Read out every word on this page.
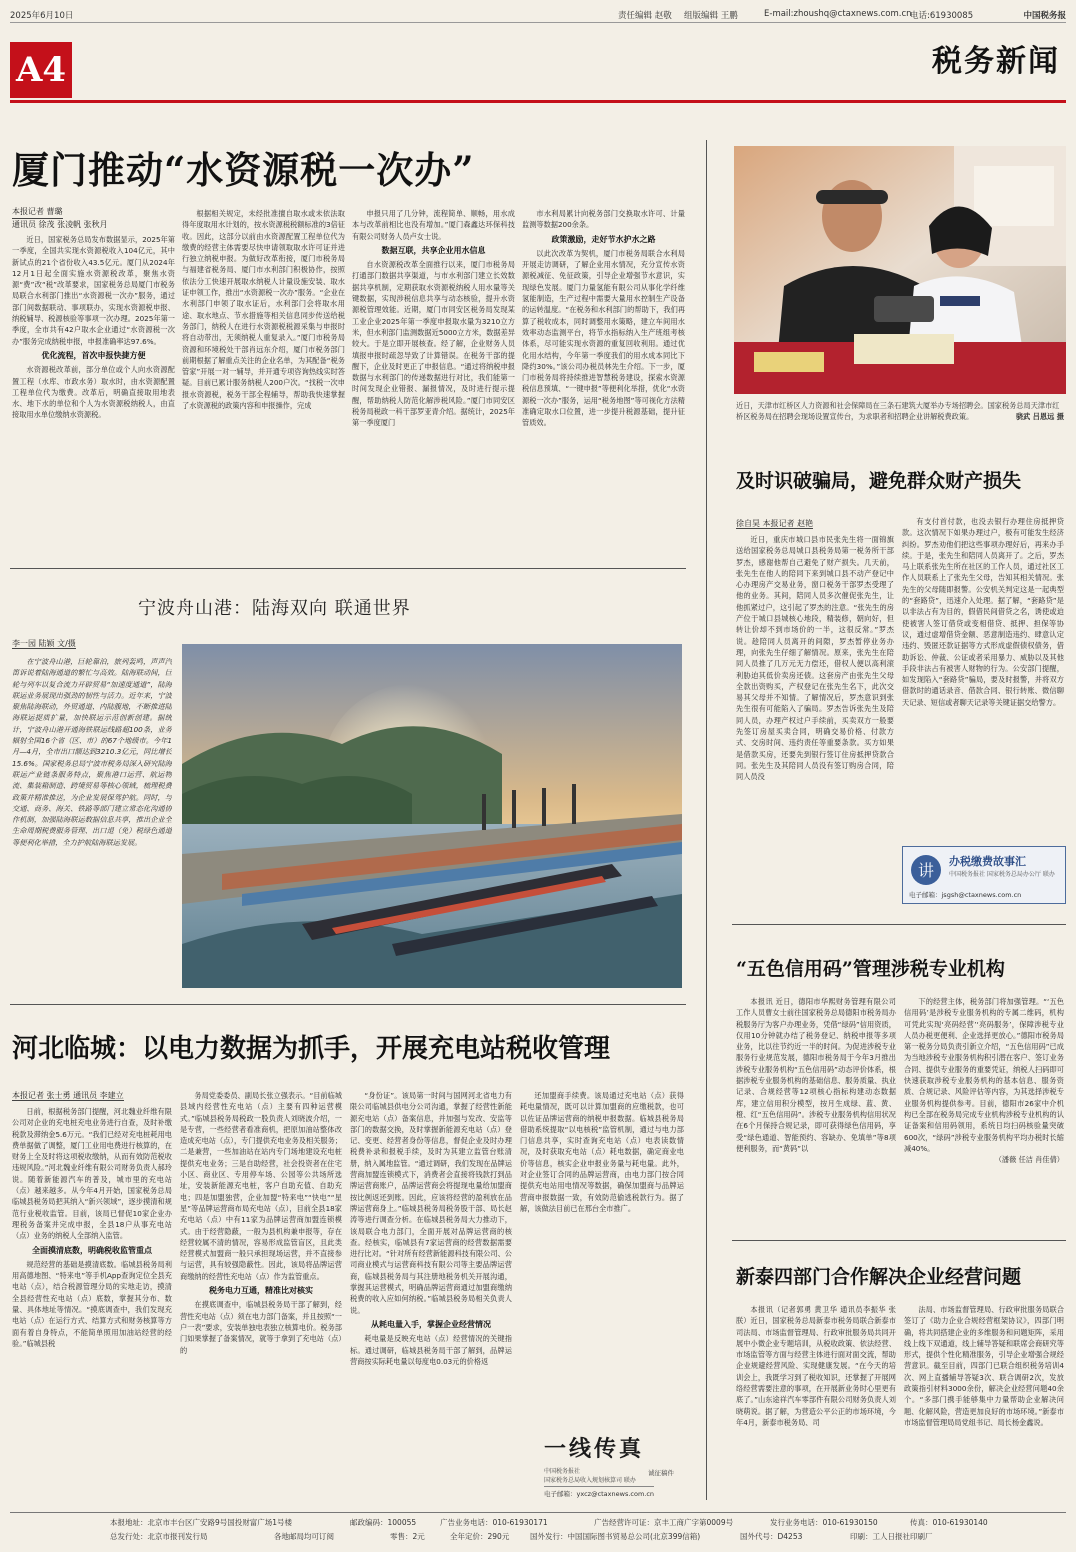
2025年6月10日	责任编辑 赵敬 组版编辑 王鹏	E-mail:zhoushq@ctaxnews.com.cn
电话:61930085	中国税务报
A4	税务新闻
厦门推动“水资源税一次办”
本报记者 曹璐
通讯员 徐茂 张凌帆 张秋月

近日，国家税务总局发布数据显示，2025年第一季度，全国共实现水资源税收入104亿元，其中新试点的21个省份收入43.5亿元。厦门从2024年12月1日起全面实施水资源税改革，聚焦水资源“费”改“税”改革要求，国家税务总局厦门市税务局联合水利部门推出“水资源税一次办”服务，通过部门间数据联动、事项联办，实现水资源税申报、纳税辅导、税源核验等事项一次办理。2025年第一季度，全市共有42户取水企业通过“水资源税一次办”服务完成纳税申报，申报准确率达97.6%。

优化流程，首次申报快捷方便

水资源税改革前，部分单位或个人向水资源配置工程（水库、市政水务）取水时，由水资源配置工程单位代为缴费。改革后，明确直接取用地表水、地下水的单位和个人为水资源税纳税人，由直接取用水单位缴纳水资源税。

根据相关规定，未经批准擅自取水或未依法取得年度取用水计划的，按水资源税税额标准的3倍征收。因此，这部分以前由水资源配置工程单位代为缴费的经营主体需要尽快申请领取取水许可证并进行独立纳税申报。为做好改革衔接，厦门市税务局与福建省税务局、厦门市水利部门积极协作，按照依法分工快速开展取水纳税人计量设施安装、取水证申领工作，推出“水资源税一次办”服务。“企业在水利部门申领了取水证后，水利部门会将取水用途、取水地点、节水措施等相关信息同步传送给税务部门，纳税人在进行水资源税税源采集与申报时将自动带出，无须纳税人重复录入。”厦门市税务局资源和环境税处干部肖远东介绍，厦门市税务部门前期根据了解重点关注的企业名单，为其配备“税务管家”开展一对一辅导，并开通专项咨询热线实时答疑。目前已累计服务纳税人200户次。“找税一次申报水资源税，税务干部全程辅导，帮助我快速掌握了水资源税的政策内容和申报操作，完成

申报只用了几分钟，流程简单、顺畅，用水成本与改革前相比也没有增加。”厦门森鑫达环保科技有限公司财务人员卢女士说。

数据互联，共享企业用水信息

自水资源税改革全面推行以来，厦门市税务局打通部门数据共享渠道，与市水利部门建立长效数据共享机制，定期获取水资源税纳税人用水量等关键数据，实现涉税信息共享与动态核验，提升水资源税管理效能。近期，厦门市同安区税务局发现某工业企业2025年第一季度申报取水量为3210立方米，但水利部门监测数据近5000立方米，数据差异较大。于是立即开展核查。经了解，企业财务人员填报申报时疏忽导致了计算错误。在税务干部的提醒下，企业及时更正了申报信息。“通过将纳税申报数据与水利部门的传递数据进行对比，我们能第一时间发现企业错报、漏报情况，及时进行提示提醒，帮助纳税人防范化解涉税风险。”厦门市同安区税务局税政一科干部罗亚青介绍。据统计，2025年第一季度厦门

市水利局累计向税务部门交换取水许可、计量监测等数据200余条。

政策激励，走好节水护水之路

以此次改革为契机，厦门市税务局联合水利局开展走访调研，了解企业用水情况，充分宣传水资源税减征、免征政策，引导企业增强节水意识，实现绿色发展。厦门力量氢能有限公司从事化学纤维氢能制造，生产过程中需要大量用水控制生产设备的运转温度。“在税务和水利部门的帮助下，我们再算了税收成本，同时调整用水策略，建立车间用水效率动态监测平台，将节水指标纳入生产班组考核体系，尽可能实现水资源的重复回收利用。通过优化用水结构，今年第一季度我们的用水成本同比下降约30%。”该公司办税员林先生介绍。下一步，厦门市税务局将持续推进智慧税务建设，探索水资源税信息预填、“一键申报”等便利化举措，优化“水资源税一次办”服务，运用“税务地图”等可视化方法精准确定取水口位置，进一步提升税源基础，提升征管质效。

近日，天津市红桥区人力资源和社会保障局在三条石建筑大厦举办专场招聘会。国家税务总局天津市红桥区税务局在招聘会现场设置宣传台，为求职者和招聘企业讲解税费政策。	骁武 吕恩远 摄
及时识破骗局，避免群众财产损失
徐自昊 本报记者 赵艳

近日，重庆市城口县市民张先生将一面锦旗送给国家税务总局城口县税务局第一税务所干部罗杰，感谢他帮自己避免了财产损失。几天前，张先生在他人的陪同下来到城口县不动产登记中心办理房产交易业务，窗口税务干部罗杰受理了他的业务。其间，陪同人员多次催促张先生，让他抓紧过户，这引起了罗杰的注意。“张先生的房产位于城口县城核心地段，精装修，朝向好，但转让价却不到市场价的一半，这很反常。”罗杰说。趁陪同人员离开的间隙，罗杰暂停业务办理，向张先生仔细了解情况。原来，张先生在陪同人员推了几万元无力偿还，借权人便以高利滚利胁迫其低价卖房还债。这套房产由张先生父母全款出资购买，产权登记在张先生名下，此次交易其父母并不知情。了解情况后，罗杰意识到张先生很有可能陷入了骗局。罗杰告诉张先生及陪同人员，办理产权过户手续前，买卖双方一般要先签订房屋买卖合同，明确交易价格、付款方式、交房时间、违约责任等重要条款。买方如果是借款买房，还要先到银行签订住房抵押贷款合同。张先生及其陪同人员没有签订购房合同，陪同人员没

有支付首付款，也没去银行办理住房抵押贷款。这次情况下如果办理过户，极有可能发生经济纠纷。罗杰劝他们把这些事项办理好后，再来办手续。于是，张先生和陪同人员离开了。之后，罗杰马上联系张先生所在社区的工作人员，通过社区工作人员联系上了张先生父母，告知其相关情况。张先生的父母随即报警。公安机关判定这是一起典型的“套路贷”，迅速介入处理。据了解，“套路贷”是以非法占有为目的，假借民间借贷之名，诱使或迫使被害人签订借贷或变相借贷、抵押、担保等协议，通过虚增借贷金额、恶意制造违约、肆意认定违约、毁匿还款证据等方式形成虚假债权债务，借助诉讼、仲裁、公证或者采用暴力、威胁以及其他手段非法占有被害人财物的行为。公安部门提醒，如发现陷入“套路贷”骗局，要及时报警，并将双方借款时的通话录音、借款合同、银行转账、微信聊天记录、短信或者聊天记录等关键证据交给警方。

讲 办税缴费故事汇
中国税务报社 国家税务总局办公厅 联办
电子邮箱：jsgsh@ctaxnews.com.cn
宁波舟山港：陆海双向 联通世界
李一园 陆颖 文/摄

在宁波舟山港，巨轮靠泊，旅列轰鸣，声声汽笛诉说着陆海通道的繁忙与高效。陆海联动间，巨轮与列车以复合流力开辟贸易“加速度通道”，陆海联运业务展现出强劲的韧性与活力。近年来，宁波聚焦陆海联动，外贸通道、内陆腹地，不断推进陆海联运提质扩量，加快联运示范创新创建。据统计，宁波舟山港开通海铁联运线路超100条，业务辐射全国16个省（区、市）的67个地级市。今年1月—4月，全市出口额达到3210.3亿元，同比增长15.6%。国家税务总局宁波市税务局深入研究陆海联运产业链条服务特点，聚焦港口运营、航运物流、集装箱制造、跨境贸易等核心领域，梳理税费政策并精准推送，为企业发展保驾护航。同时，与交通、商务、海关、铁路等部门建立常态化沟通协作机制，加强陆海联运数据信息共享，推出企业全生命周期税费服务管理、出口退（免）税绿色通道等便利化举措，全力护航陆海联运发展。

河北临城：以电力数据为抓手，开展充电站税收管理
本报记者 张士勇 通讯员 李建立

日前，根据税务部门提醒，河北魏业纤维有限公司对企业的充电桩充电业务进行自查，及时补缴税款及滞纳金5.6万元。“我们已经对充电桩耗用电费单据做了调整，厦门工业用电费进行核算的，在财务上全及时将这项税收缴纳，从而有效防范税收违规风险。”河北魏业纤维有限公司财务负责人郝玲说。随着新能源汽车的普及，城市里的充电站（点）越来越多。从今年4月开始，国家税务总局临城县税务局把其纳入“新兴领域”，逐步摸清和规范行业税收监管。目前，该局已督促10家企业办理税务备案并完成申报，全县18户从事充电站（点）业务的纳税人全部纳入监管。

全面摸清底数，明确税收监管重点

规范经营的基础是摸清底数。临城县税务局利用高德地图、“特来电”等手机App查询定位全县充电站（点），结合税源管理分局的实地走访，摸清全县经营性充电站（点）底数，掌握其分布、数量、具体地址等情况。“摸底调查中，我们发现充电站（点）在运行方式、结算方式和财务核算等方面有着自身特点，不能简单照用加油站经营的经验。”临城县税

务局党委委员、副局长张立强表示。“目前临城县域内经营性充电站（点）主要有四种运营模式。”临城县税务局税政一股负责人刘晓波介绍，一是专营，一些经营者看准商机，把原加油站整体改造成充电站（点），专门提供充电业务及相关服务；二是兼营，一些加油站在站内专门场地建设充电桩提供充电业务；三是自助经营，社会投资者在住宅小区、商业区、专用停车场、公园等公共场所选址，安装新能源充电桩，客户自助充值、自助充电；四是加盟独营，企业加盟“特来电”“快电”“星星”等品牌运营商布局充电站（点），目前全县18家充电站（点）中有11家为品牌运营商加盟连锁模式。由于经营隐蔽，一般为县机构兼申报等，存在经营较属不清的情况，容易形成监管盲区，且此类经营模式加盟商一般只承担现场运营，并不直接参与运营，具有较强隐蔽性。因此，该局将品牌运营商缴纳的经营性充电站（点）作为监管重点。

税务电力互通，精准比对核实

在摸底调查中，临城县税务局干部了解到，经营性充电站（点）须在电力部门备案，并且按照“一户一表”要求，安装单独电表独立核算电价。税务部门如果掌握了备案情况，就等于拿到了充电站（点）的

“身份证”。该局第一时间与国网河北省电力有限公司临城县供电分公司沟通，掌握了经营性新能源充电站（点）备案信息，并加强与发改、安监等部门的数据交换，及时掌握新能源充电站（点）登记、变更、经营者身份等信息，督促企业及时办理税费补录和报税手续，及时为其建立监管台账清册，纳入属地监管。“通过调研，我们发现在品牌运营商加盟连锁模式下，消费者会直接将钱款打到品牌运营商账户，品牌运营商会将提现电量给加盟商按比例返还到账。因此，应该将经营的盈利放在品牌运营商身上。”临城县税务局税务股干部、局长赵涛等进行调查分析。在临城县税务局大力推动下，该局联合电力部门，全面开展对品牌运营商的核查。经核实，临城县有7家运营商的经营数据需要进行比对。“针对所有经营新能源科技有限公司、公司商业模式与运营商科技有限公司等主要品牌运营商，临城县税务局与其注册地税务机关开展沟通，掌握其运营模式，明确品牌运营商通过加盟商缴纳税费的收入应如何纳税。”临城县税务局相关负责人说。

从耗电量入手，掌握企业经营情况

耗电量是反映充电站（点）经营情况的关键指标。通过调研，临城县税务局干部了解到，品牌运营商按实际耗电量以每度电0.03元的价格返

还加盟商手续费。该局通过充电站（点）获得耗电量情况，既可以计算加盟商的应缴税款，也可以佐证品牌运营商的纳税申报数据。临城县税务局借助系统提取“以电核税”监管机制，通过与电力部门信息共享，实时查询充电站（点）电表读数情况，及时获取充电站（点）耗电数据，确定商业电价等信息，核实企业申报业务量与耗电量。此外，对企业签订合同的品牌运营商，由电力部门按合同提供充电站用电情况等数据，确保加盟商与品牌运营商申报数据一致，有效防范偷逃税款行为。据了解，该做法目前已在邢台全市推广。

一线传真
中国税务报社
国家税务总局收入规划核算司 联办
诚征稿件
电子邮箱：yxcz@ctaxnews.com.cn
“五色信用码”管理涉税专业机构

本报讯 近日，德阳市华熙财务管理有限公司工作人员曹女士前往国家税务总局德阳市税务局办税服务厅为客户办理业务，凭借“绿码”信用资质，仅用10分钟就办结了税务登记、纳税申报等多项业务，比以往节约近一半的时间。为促进涉税专业服务行业规范发展，德阳市税务局于今年3月推出涉税专业服务机构“五色信用码”动态评价体系，根据涉税专业服务机构的基础信息、服务质量、执业记录、合规经营等12项核心指标构建动态数据库，建立信用积分模型，按月生成绿、蓝、黄、橙、红“五色信用码”。涉税专业服务机构信用状况在6个月保持合规记录，即可获得绿色信用码，享受“绿色通道、智能预约、容缺办、免填单”等8项便利服务，而“黄码”以

下的经营主体，税务部门将加强管理。“‘五色信用码’是涉税专业服务机构的专属二维码，机构可凭此实现‘亮码经营’‘亮码服务’，保障涉税专业人员办税更便利、企业选择更放心。”德阳市税务局第一税务分局负责引新立介绍，“五色信用码”已成为当地涉税专业服务机构积引潜在客户、签订业务合同、提供专业服务的重要凭证，纳税人扫码即可快速获取涉税专业服务机构的基本信息、服务资质、合规记录、风险评估等内容，为其选择涉税专业服务机构提供参考。目前，德阳市26家中介机构已全部在税务局完成专业机构涉税专业机构的认证备案和信用码领用，系统日均扫码核验量突破600次，“绿码”涉税专业服务机构平均办税时长缩减40%。

（潘薇 任洁 肖佳倩）
新泰四部门合作解决企业经营问题

本报讯（记者郭勇 黄卫华 通讯员李振华 张朕）近日，国家税务总局新泰市税务局联合新泰市司法局、市场监督管理局、行政审批服务局共同开展中小微企业专题培训，从税收政策、依法经营、市场监管等方面与经营主体进行面对面交流，帮助企业规避经营风险、实现健康发展。“在今天的培训会上，我既学习到了税收知识，还掌握了开展网络经营需要注意的事项，在开展新业务时心里更有底了。”山东途祥汽车零部件有限公司财务负责人刘晓萌说。据了解，为营造公平公正的市场环境，今年4月，新泰市税务局、司

法局、市场监督管理局、行政审批服务局联合签订了《助力企业合规经营框架协议》，四部门明确，将共同搭建企业的多维服务和问题矩阵，采用线上线下双通道，线上辅导答疑和联席会商研究等形式，提供个性化精准服务，引导企业增强合规经营意识。截至目前，四部门已联合组织税务培训4次、网上直播辅导答疑3次、联合调研2次，发放政策指引材料3000余份，解决企业经营问题40余个。“多部门携手能够集中力量帮助企业解决问题、化解风险，营造更加良好的市场环境。”新泰市市场监督管理局局党组书记、局长杨金鑫说。

本报地址：北京市丰台区广安路9号国投财富广场1号楼	邮政编码：100055	广告业务电话：010-61930171	广告经营许可证：京丰工商广字第0009号	发行业务电话：010-61930150	传真：010-61930140
总发行处：北京市报刊发行局	各地邮局均可订阅	零售：2元	全年定价：290元	国外发行：中国国际图书贸易总公司(北京399信箱)	国外代号：D4253	印刷：工人日报社印刷厂
